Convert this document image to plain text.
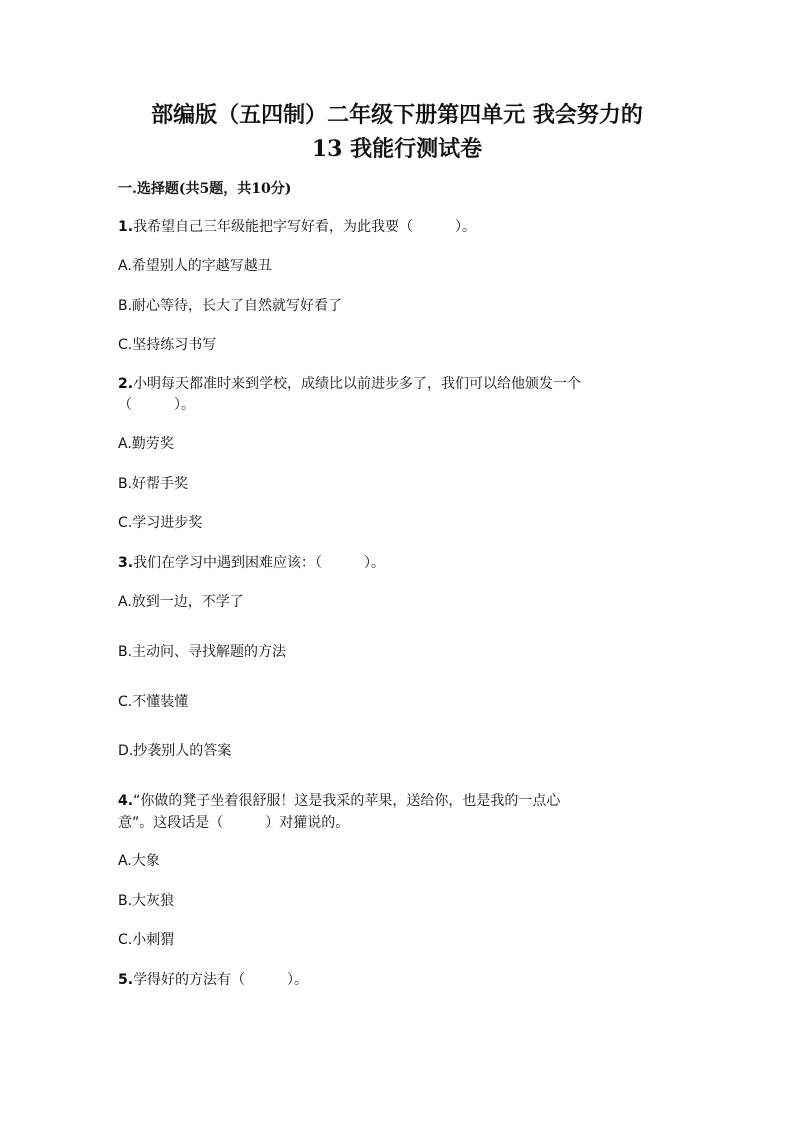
部编版（五四制）二年级下册第四单元 我会努力的
13 我能行测试卷
一.选择题(共5题，共10分)
1.我希望自己三年级能把字写好看，为此我要（　　　）。
A.希望别人的字越写越丑
B.耐心等待，长大了自然就写好看了
C.坚持练习书写
2.小明每天都准时来到学校，成绩比以前进步多了，我们可以给他颁发一个
（　　　）。
A.勤劳奖
B.好帮手奖
C.学习进步奖
3.我们在学习中遇到困难应该：（　　　）。
A.放到一边，不学了
B.主动问、寻找解题的方法
C.不懂装懂
D.抄袭别人的答案
4.“你做的凳子坐着很舒服！这是我采的苹果，送给你，也是我的一点心
意”。这段话是（　　　）对獾说的。
A.大象
B.大灰狼
C.小刺猬
5.学得好的方法有（　　　）。
